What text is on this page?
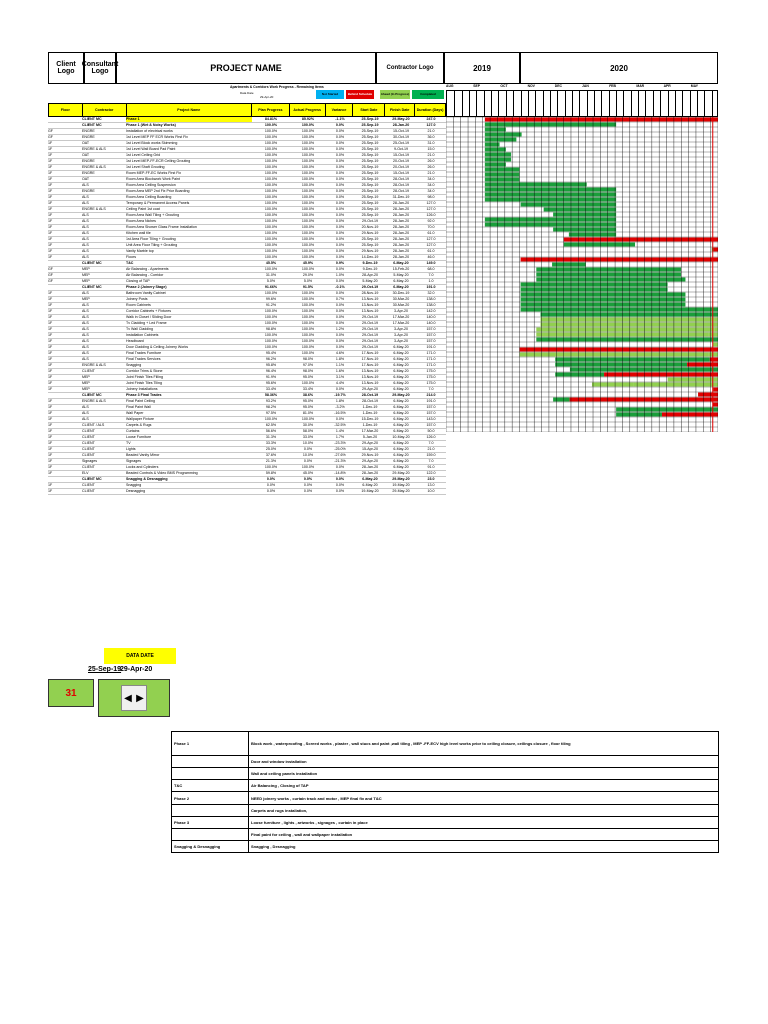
Client Logo
Consultant Logo	PROJECT NAME	Contractor Logo	2019	2020
Apartments & Corridors Work Progress - Remaining Items
Data Date
29-Apr-20
Not Started	Behind Schedule	Ahead (In Progress)	Completed
AUG	SEP	OCT	NOV	DEC	JAN	FEB	MAR	APR	MAY
Floor	Contractor	Project Name	Plan Progress	Actual Progress	Variance	Start Date	Finish Date	Duration (Days)
	CLIENT MC	Phase 1	84.81%	85.92%	-1.1%	25-Sep-19	29-May-20	247.0
	CLIENT MC	Phase 1 (Wet & Noisy Works)	100.0%	100.0%	0.0%	25-Sep-19	28-Jan-20	127.0
GF	ENGRE	Installation of electrical works	100.0%	100.0%	0.0%	25-Sep-19	15-Oct-19	21.0
GF	ENGRE	1st Level MEP FF ECR Works First Fix	100.0%	100.0%	0.0%	25-Sep-19	30-Oct-19	36.0
1F	OAT	1st Level Block works Skimming	100.0%	100.0%	0.0%	25-Sep-19	25-Oct-19	31.0
1F	ENGRE & ALS	1st Level Wall Board Pad Paint	100.0%	100.0%	0.0%	25-Sep-19	9-Oct-19	15.0
1F	OAT	1st Level Ceiling Grid	100.0%	100.0%	0.0%	25-Sep-19	15-Oct-19	21.0
1F	ENGRE	1st Level MEP-FF-ECR Ceiling Grouting	100.0%	100.0%	0.0%	25-Sep-19	20-Oct-19	26.0
1F	ENGRE & ALS	1st Level Shaft Grouting	100.0%	100.0%	0.0%	25-Sep-19	20-Oct-19	26.0
1F	ENGRE	Room MEP-FF-EC Works First Fix	100.0%	100.0%	0.0%	25-Sep-19	15-Oct-19	21.0
1F	OAT	Room Area Blockwork Work Paint	100.0%	100.0%	0.0%	25-Sep-19	28-Oct-19	34.0
1F	ALS	Room Area Ceiling Suspension	100.0%	100.0%	0.0%	25-Sep-19	28-Oct-19	34.0
1F	ENGRE	Room Area MEP 2nd Fix Prior Boarding	100.0%	100.0%	0.0%	25-Sep-19	28-Oct-19	34.0
1F	ALS	Room Area Ceiling Boarding	100.0%	100.0%	0.0%	25-Sep-19	31-Dec-19	98.0
1F	ALS	Temporary & Permanent Access Panels	100.0%	100.0%	0.0%	25-Sep-19	28-Jan-20	127.0
1F	ENGRE & ALS	Ceiling Paint 1st coat	100.0%	100.0%	0.0%	25-Sep-19	28-Jan-20	127.0
1F	ALS	Room Area Wall Tiling + Grouting	100.0%	100.0%	0.0%	25-Sep-19	28-Jan-20	126.0
1F	ALS	Room Area Niches	100.0%	100.0%	0.0%	29-Oct-19	28-Jan-20	92.0
1F	ALS	Room Area Shower Glass Frame Installation	100.0%	100.0%	0.0%	20-Nov-19	28-Jan-20	70.0
1F	ALS	Kitchen wall tile	100.0%	100.0%	0.0%	29-Nov-19	28-Jan-20	61.0
1F	ALS	1st Area Floor Tiling + Grouting	100.0%	100.0%	0.0%	25-Sep-19	28-Jan-20	127.0
1F	ALS	Unit Area Floor Tiling + Grouting	100.0%	100.0%	0.0%	25-Sep-19	28-Jan-20	127.0
1F	ALS	Vanity Marble top	100.0%	100.0%	0.0%	29-Nov-19	28-Jan-20	61.0
1F	ALS	Floors	100.0%	100.0%	0.0%	14-Dec-19	28-Jan-20	46.0
	CLIENT MC	T&C	45.5%	45.9%	0.9%	9-Dec-19	6-May-20	149.0
GF	MEP	Air Balancing - Apartments	100.0%	100.0%	0.0%	9-Dec-19	15-Feb-20	68.0
GF	MEP	Air Balancing - Corridor	31.0%	29.0%	1.0%	28-Apr-20	5-May-20	7.0
GF	MEP	Closing of TAP	5.0%	5.0%	0.0%	5-May-20	6-May-20	1.0
	CLIENT MC	Phase 2 (Joinery Stage)	91.66%	91.5%	-0.1%	29-Oct-19	6-May-20	191.0
1F	ALS	Bathroom Vanity Cabinet	100.0%	100.0%	0.0%	28-Nov-19	30-Dec-19	32.0
1F	MEP	Joinery Posts	99.6%	100.0%	0.7%	13-Nov-19	30-Mar-20	138.0
1F	ALS	Room Cabinets	91.2%	100.0%	0.0%	13-Nov-19	30-Mar-20	138.0
1F	ALS	Corridor Cabinets + Fixtures	100.0%	100.0%	0.0%	13-Nov-19	3-Apr-20	142.0
1F	ALS	Walk in Closet / Sliding Door	100.0%	100.0%	0.0%	29-Oct-19	17-Mar-20	140.0
1F	ALS	Tv Cladding + Led Frame	100.0%	100.0%	0.0%	29-Oct-19	17-Mar-20	140.0
1F	ALS	Tv Wall Cladding	98.8%	100.0%	1.2%	29-Oct-19	3-Apr-20	157.0
1F	ALS	Installation Cabinets	100.0%	100.0%	0.0%	29-Oct-19	3-Apr-20	157.0
1F	ALS	Headboard	100.0%	100.0%	0.0%	29-Oct-19	3-Apr-20	157.0
1F	ALS	Door Cladding & Ceiling Joinery Works	100.0%	100.0%	0.0%	29-Oct-19	6-May-20	191.0
1F	ALS	Final Trades Furniture	95.4%	100.0%	4.6%	17-Nov-19	6-May-20	171.0
1F	ALS	Final Trades Services	96.2%	98.0%	1.8%	17-Nov-19	6-May-20	171.0
1F	ENGRE & ALS	Snagging	95.8%	97.0%	1.1%	17-Nov-19	6-May-20	171.0
1F	CLIENT	Corridor Trims & Stone	96.4%	98.0%	1.6%	13-Nov-19	6-May-20	175.0
1F	MEP	Joint Finish Tiles Filling	91.9%	95.0%	3.1%	13-Nov-19	6-May-20	175.0
1F	MEP	Joint Finish Tiles Tiling	95.6%	100.0%	4.4%	13-Nov-19	6-May-20	175.0
1F	MEP	Joinery Installations	33.4%	33.4%	0.0%	29-Apr-20	6-May-20	7.0
	CLIENT MC	Phase 3 Final Trades	58.36%	38.6%	-19.7%	28-Oct-19	29-May-20	214.0
1F	ENGRE & ALS	Final Paint Ceiling	93.2%	95.0%	1.8%	28-Oct-19	6-May-20	191.0
1F	ALS	Final Paint Wall	98.2%	95.0%	-3.2%	1-Dec-19	6-May-20	157.0
1F	ALS	Wall Paper	97.5%	81.0%	-16.5%	1-Dec-19	6-May-20	157.0
1F	ALS	Wallpaper Fixture	100.0%	100.0%	0.0%	15-Dec-19	6-May-20	143.0
1F	CLIENT / ALS	Carpets & Rugs	62.5%	30.0%	-32.5%	1-Dec-19	6-May-20	157.0
1F	CLIENT	Curtains	56.6%	58.0%	1.4%	17-Mar-20	6-May-20	50.0
1F	CLIENT	Loose Furniture	31.3%	33.0%	1.7%	5-Jan-20	10-May-20	126.0
1F	CLIENT	TV	33.3%	10.0%	-23.3%	29-Apr-20	6-May-20	7.0
1F	CLIENT	Lights	25.0%	0.0%	-25.0%	15-Apr-20	6-May-20	21.0
1F	CLIENT	Beaded Vanity Mirror	37.6%	10.0%	-27.6%	29-Nov-19	6-May-20	159.0
1F	Signages	Signages	21.3%	0.0%	-21.3%	29-Apr-20	6-May-20	7.0
1F	CLIENT	Locks and Cylinders	100.0%	100.0%	0.0%	28-Jan-20	6-May-20	91.0
1F	ELV	Beaded Controls & Video BMS Programming	59.8%	45.0%	-14.8%	28-Jan-20	29-May-20	122.0
	CLIENT MC	Snagging & Desnagging	0.0%	0.0%	0.0%	6-May-20	29-May-20	23.0
1F	CLIENT	Snagging	0.0%	0.0%	0.0%	6-May-20	19-May-20	13.0
1F	CLIENT	Desnagging	0.0%	0.0%	0.0%	19-May-20	29-May-20	10.0
DATA DATE
25-Sep-19
29-Apr-20
31	◀ ▶
Phase 1	Block work , waterproofing , Screed works , plaster , wall stucs and paint ,wall tiling , MEP -FF-ECV high level works prior to ceiling closure, ceilings closure , floor tiling
	Door and window installation
	Wall and ceiling panels installation
T&C	Air Balancing , Closing of TAP
Phase 2	NEED joinery works , curtain track and motor , MEP final fix and T&C
	Carpets and rugs installation,
Phase 3	Loose furniture , lights , artworks , signages , curtain in place
	Final paint for ceiling , wall and wallpaper installation
Snagging & Desnagging	Snagging , Desnagging
